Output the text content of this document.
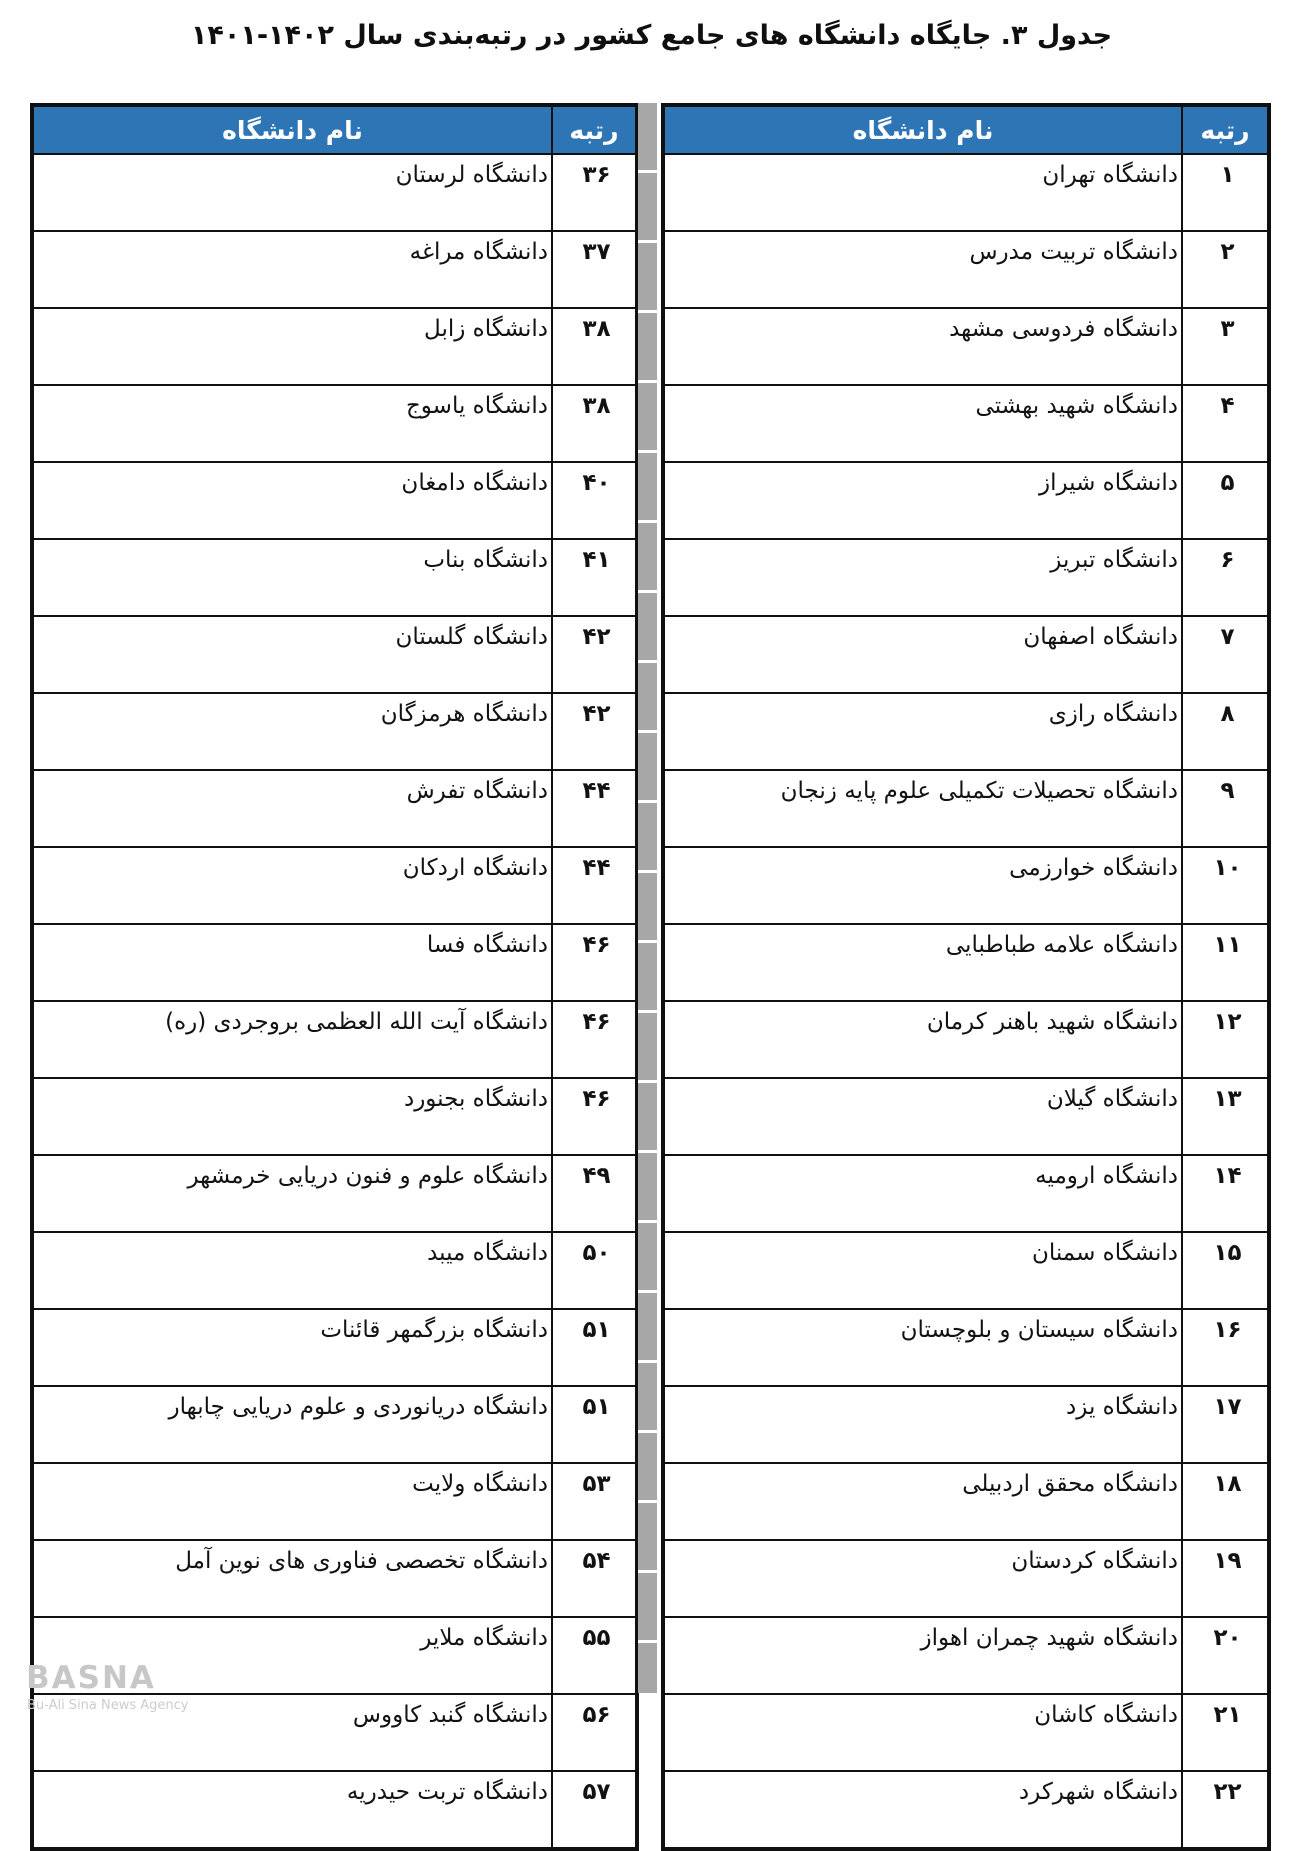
جدول ۳. جایگاه دانشگاه های جامع کشور در رتبه‌بندی سال ۱۴۰۲-۱۴۰۱
رتبه	نام دانشگاه
۳۶	دانشگاه لرستان
۳۷	دانشگاه مراغه
۳۸	دانشگاه زابل
۳۸	دانشگاه یاسوج
۴۰	دانشگاه دامغان
۴۱	دانشگاه بناب
۴۲	دانشگاه گلستان
۴۲	دانشگاه هرمزگان
۴۴	دانشگاه تفرش
۴۴	دانشگاه اردکان
۴۶	دانشگاه فسا
۴۶	دانشگاه آیت الله العظمی بروجردی (ره)
۴۶	دانشگاه بجنورد
۴۹	دانشگاه علوم و فنون دریایی خرمشهر
۵۰	دانشگاه میبد
۵۱	دانشگاه بزرگمهر قائنات
۵۱	دانشگاه دریانوردی و علوم دریایی چابهار
۵۳	دانشگاه ولایت
۵۴	دانشگاه تخصصی فناوری های نوین آمل
۵۵	دانشگاه ملایر
۵۶	دانشگاه گنبد کاووس
۵۷	دانشگاه تربت حیدریه
رتبه	نام دانشگاه
۱	دانشگاه تهران
۲	دانشگاه تربیت مدرس
۳	دانشگاه فردوسی مشهد
۴	دانشگاه شهید بهشتی
۵	دانشگاه شیراز
۶	دانشگاه تبریز
۷	دانشگاه اصفهان
۸	دانشگاه رازی
۹	دانشگاه تحصیلات تکمیلی علوم پایه زنجان
۱۰	دانشگاه خوارزمی
۱۱	دانشگاه علامه طباطبایی
۱۲	دانشگاه شهید باهنر کرمان
۱۳	دانشگاه گیلان
۱۴	دانشگاه ارومیه
۱۵	دانشگاه سمنان
۱۶	دانشگاه سیستان و بلوچستان
۱۷	دانشگاه یزد
۱۸	دانشگاه محقق اردبیلی
۱۹	دانشگاه کردستان
۲۰	دانشگاه شهید چمران اهواز
۲۱	دانشگاه کاشان
۲۲	دانشگاه شهرکرد
BASNA
Bu-Ali Sina News Agency
